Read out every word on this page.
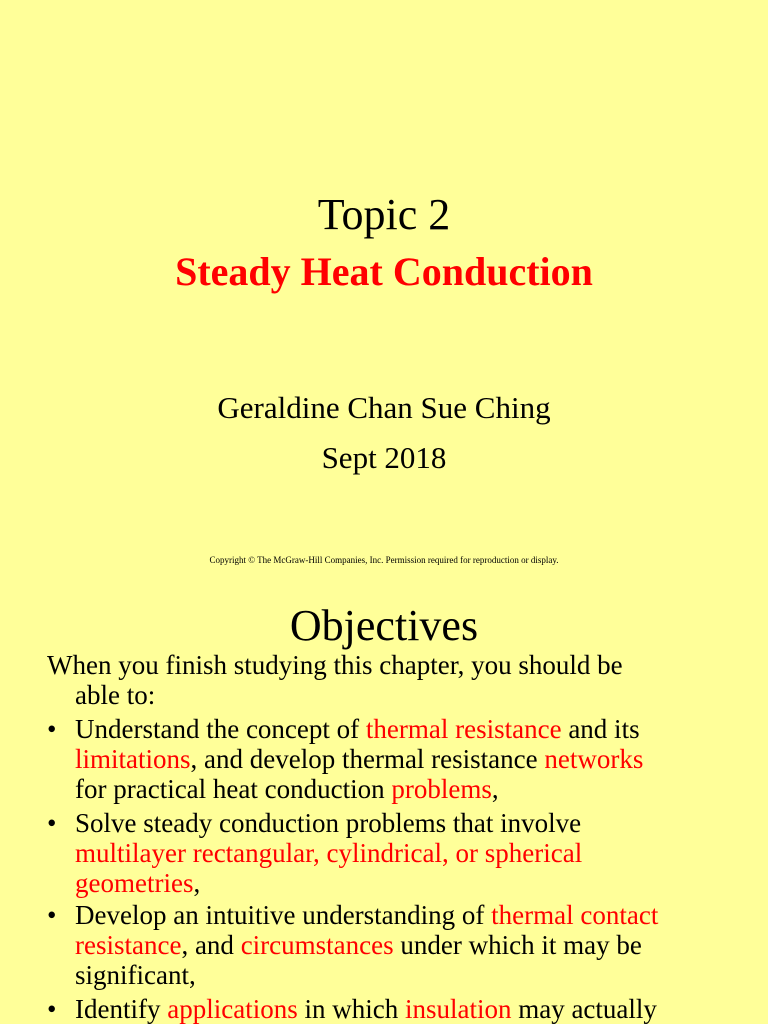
Topic 2
Steady Heat Conduction
Geraldine Chan Sue Ching
Sept 2018
Copyright © The McGraw-Hill Companies, Inc. Permission required for reproduction or display.
Objectives
When you finish studying this chapter, you should be
able to:
• Understand the concept of thermal resistance and its
limitations, and develop thermal resistance networks
for practical heat conduction problems,
• Solve steady conduction problems that involve
multilayer rectangular, cylindrical, or spherical
geometries,
• Develop an intuitive understanding of thermal contact
resistance, and circumstances under which it may be
significant,
• Identify applications in which insulation may actually
